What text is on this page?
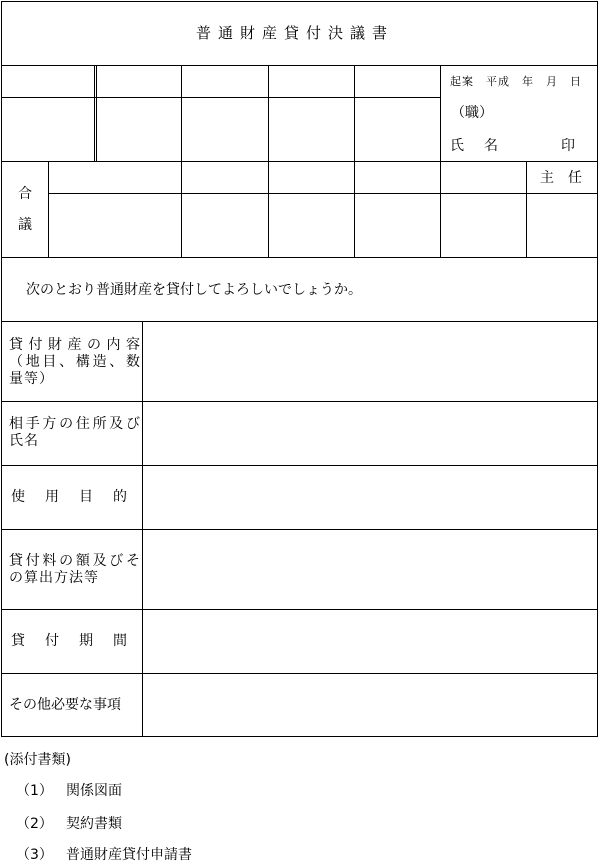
普通財産貸付決議書
起案　平成　年　月　日
（職）
氏　名	印
合
議
主　任
次のとおり普通財産を貸付してよろしいでしょうか。
貸付財産の内容（地目、構造、数量等）
相手方の住所及び氏名
使用目的
貸付料の額及びその算出方法等
貸付期間
その他必要な事項
(添付書類)
（1） 関係図面
（2） 契約書類
（3） 普通財産貸付申請書
